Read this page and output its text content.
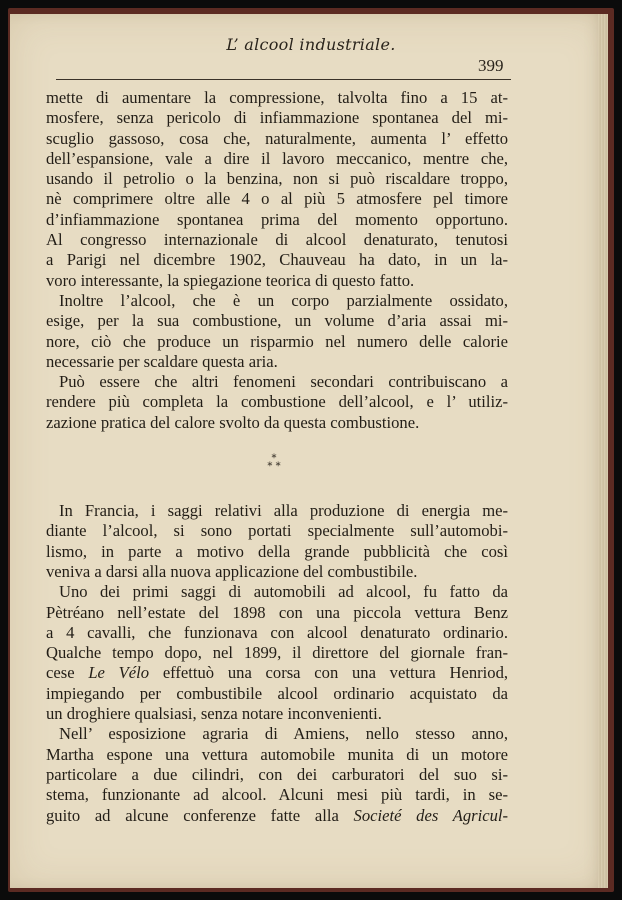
L’ alcool industriale.
399
mette di aumentare la compressione, talvolta fino a 15 at-
mosfere, senza pericolo di infiammazione spontanea del mi-
scuglio gassoso, cosa che, naturalmente, aumenta l’ effetto
dell’espansione, vale a dire il lavoro meccanico, mentre che,
usando il petrolio o la benzina, non si può riscaldare troppo,
nè comprimere oltre alle 4 o al più 5 atmosfere pel timore
d’infiammazione spontanea prima del momento opportuno.
Al congresso internazionale di alcool denaturato, tenutosi
a Parigi nel dicembre 1902, Chauveau ha dato, in un la-
voro interessante, la spiegazione teorica di questo fatto.
Inoltre l’alcool, che è un corpo parzialmente ossidato,
esige, per la sua combustione, un volume d’aria assai mi-
nore, ciò che produce un risparmio nel numero delle calorie
necessarie per scaldare questa aria.
Può essere che altri fenomeni secondari contribuiscano a
rendere più completa la combustione dell’alcool, e l’ utiliz-
zazione pratica del calore svolto da questa combustione.
*
* *
In Francia, i saggi relativi alla produzione di energia me-
diante l’alcool, si sono portati specialmente sull’automobi-
lismo, in parte a motivo della grande pubblicità che così
veniva a darsi alla nuova applicazione del combustibile.
Uno dei primi saggi di automobili ad alcool, fu fatto da
Pètréano nell’estate del 1898 con una piccola vettura Benz
a 4 cavalli, che funzionava con alcool denaturato ordinario.
Qualche tempo dopo, nel 1899, il direttore del giornale fran-
cese Le Vélo effettuò una corsa con una vettura Henriod,
impiegando per combustibile alcool ordinario acquistato da
un droghiere qualsiasi, senza notare inconvenienti.
Nell’ esposizione agraria di Amiens, nello stesso anno,
Martha espone una vettura automobile munita di un motore
particolare a due cilindri, con dei carburatori del suo si-
stema, funzionante ad alcool. Alcuni mesi più tardi, in se-
guito ad alcune conferenze fatte alla Societé des Agricul-
